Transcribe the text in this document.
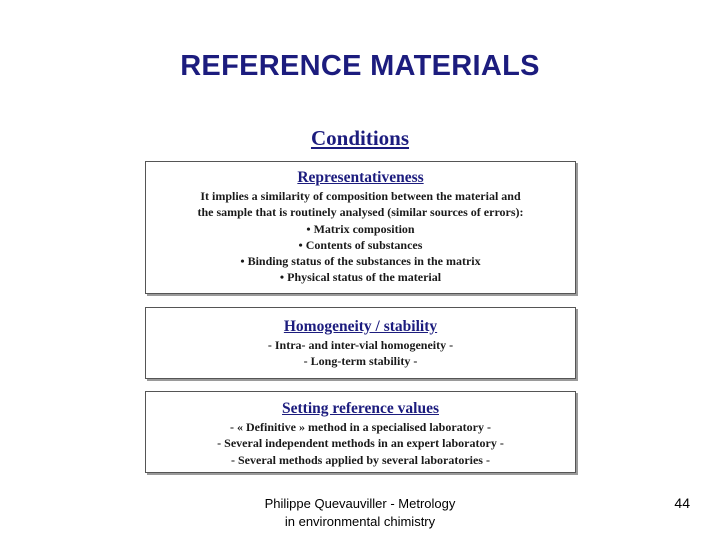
REFERENCE MATERIALS
Conditions
Representativeness
It implies a similarity of composition between the material and
the sample that is routinely analysed (similar sources of errors):
• Matrix composition
• Contents of substances
• Binding status of the substances in the matrix
• Physical status of the material
Homogeneity / stability
- Intra- and inter-vial homogeneity -
- Long-term stability -
Setting reference values
- « Definitive » method in a specialised laboratory -
- Several independent methods in an expert laboratory -
- Several methods applied by several laboratories -
Philippe Quevauviller - Metrology
in environmental chimistry
44
